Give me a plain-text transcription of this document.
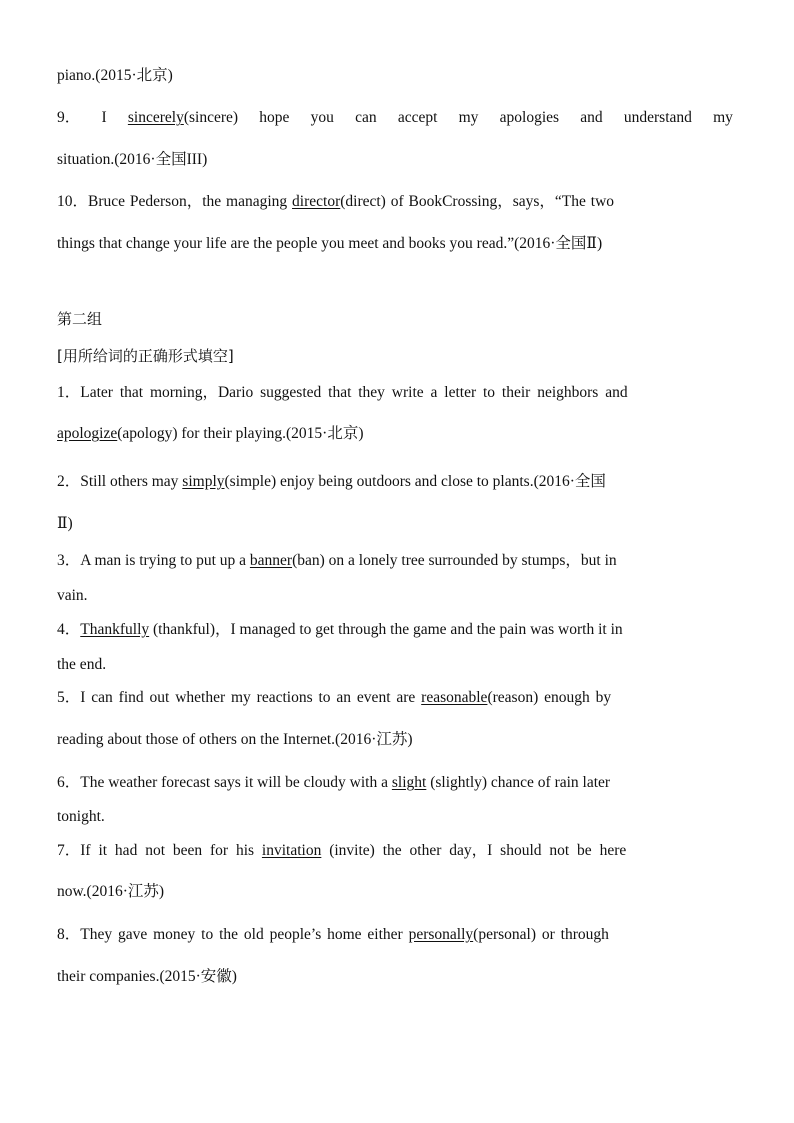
piano.(2015·北京)
9． I sincerely(sincere) hope you can accept my apologies and understand my
situation.(2016·全国III)
10．Bruce Pederson，the managing director(direct) of BookCrossing，says，“The two
things that change your life are the people you meet and books you read.”(2016·全国Ⅱ)
第二组
[用所给词的正确形式填空]
1．Later that morning，Dario suggested that they write a letter to their neighbors and
apologize(apology) for their playing.(2015·北京)
2．Still others may simply(simple) enjoy being outdoors and close to plants.(2016·全国
Ⅱ)
3．A man is trying to put up a banner(ban) on a lonely tree surrounded by stumps，but in
vain.
4．Thankfully (thankful)，I managed to get through the game and the pain was worth it in
the end.
5．I can find out whether my reactions to an event are reasonable(reason) enough by
reading about those of others on the Internet.(2016·江苏)
6．The weather forecast says it will be cloudy with a slight (slightly) chance of rain later
tonight.
7．If it had not been for his invitation (invite) the other day，I should not be here
now.(2016·江苏)
8．They gave money to the old people’s home either personally(personal) or through
their companies.(2015·安徽)
